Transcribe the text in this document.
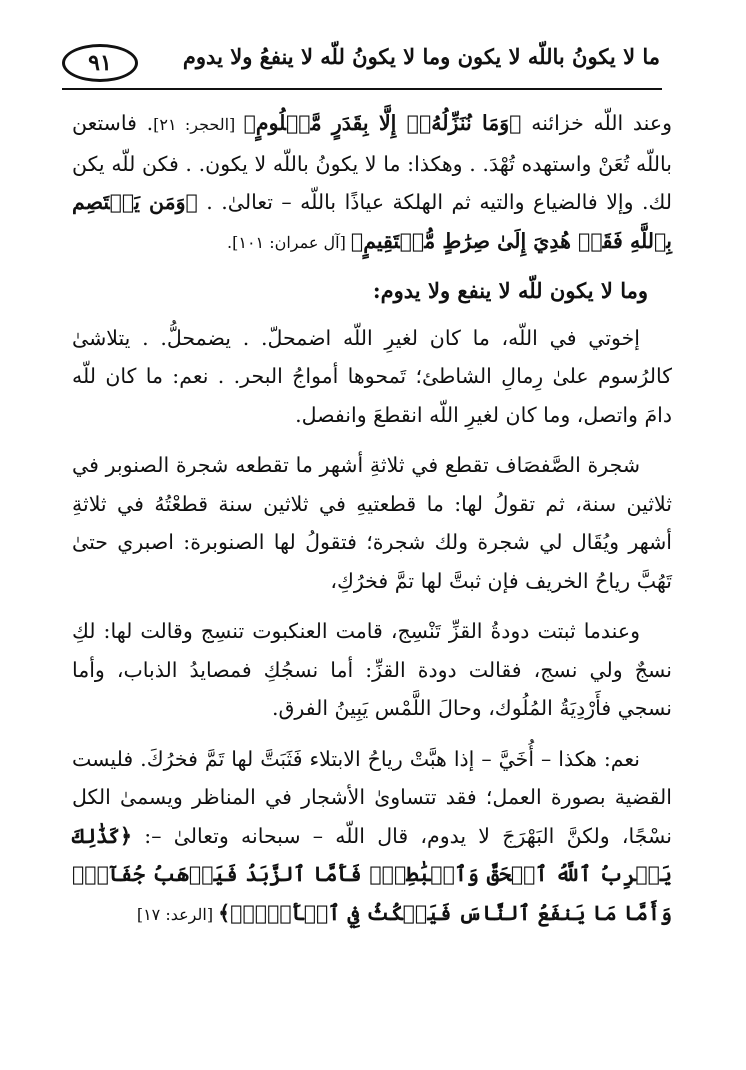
ما لا يكونُ باللّه لا يكون وما لا يكونُ للّه لا ينفعُ ولا يدوم
٩١

وعند اللّه خزائنه ﴿وَمَا نُنَزِّلُهُۥٓ إِلَّا بِقَدَرٍ مَّعۡلُومٍ﴾ [الحجر: ٢١]. فاستعن باللّه تُعَنْ واستهده تُهْدَ. . وهكذا: ما لا يكونُ باللّه لا يكون. . فكن للّه يكن لك. وإلا فالضياع والتيه ثم الهلكة عياذًا باللّه – تعالىٰ. . ﴿وَمَن يَعۡتَصِم بِٱللَّهِ فَقَدۡ هُدِيَ إِلَىٰ صِرَٰطٍ مُّسۡتَقِيمٍ﴾ [آل عمران: ١٠١].

وما لا يكون للّه لا ينفع ولا يدوم:

إخوتي في اللّه، ما كان لغيرِ اللّه اضمحلّ. . يضمحلُّ. . يتلاشىٰ كالرُسوم علىٰ رِمالِ الشاطئ؛ تَمحوها أمواجُ البحر. . نعم: ما كان للّه دامَ واتصل، وما كان لغيرِ اللّه انقطعَ وانفصل.

شجرة الصَّفصَاف تقطع في ثلاثةِ أشهر ما تقطعه شجرة الصنوبر في ثلاثين سنة، ثم تقولُ لها: ما قطعتيهِ في ثلاثين سنة قطعْتُهُ في ثلاثةِ أشهر ويُقَال لي شجرة ولك شجرة؛ فتقولُ لها الصنوبرة: اصبري حتىٰ تَهُبَّ رياحُ الخريف فإن ثبتَّ لها تمَّ فخرُكِ،

وعندما ثبتت دودةُ القزِّ تَنْسِج، قامت العنكبوت تنسِج وقالت لها: لكِ نسجٌ ولي نسج، فقالت دودة القزِّ: أما نسجُكِ فمصايدُ الذباب، وأما نسجي فأَرْدِيَةُ المُلُوك، وحالَ اللَّمْس يَبِينُ الفرق.

نعم: هكذا – أُخَيَّ – إذا هبَّتْ رياحُ الابتلاء فَثَبَتَّ لها تَمَّ فخرُكَ. فليست القضية بصورة العمل؛ فقد تتساوىٰ الأشجار في المناظر ويسمىٰ الكل نسْجًا، ولكنَّ البَهْرَجَ لا يدوم، قال اللّه – سبحانه وتعالىٰ –: ﴿كَذَٰلِكَ يَضۡرِبُ ٱللَّهُ ٱلۡحَقَّ وَٱلۡبَٰطِلَۚ فَأَمَّا ٱلزَّبَدُ فَيَذۡهَبُ جُفَآءٗۖ وَأَمَّا مَا يَنفَعُ ٱلنَّاسَ فَيَمۡكُثُ فِي ٱلۡأَرۡضِۚ﴾ [الرعد: ١٧]
